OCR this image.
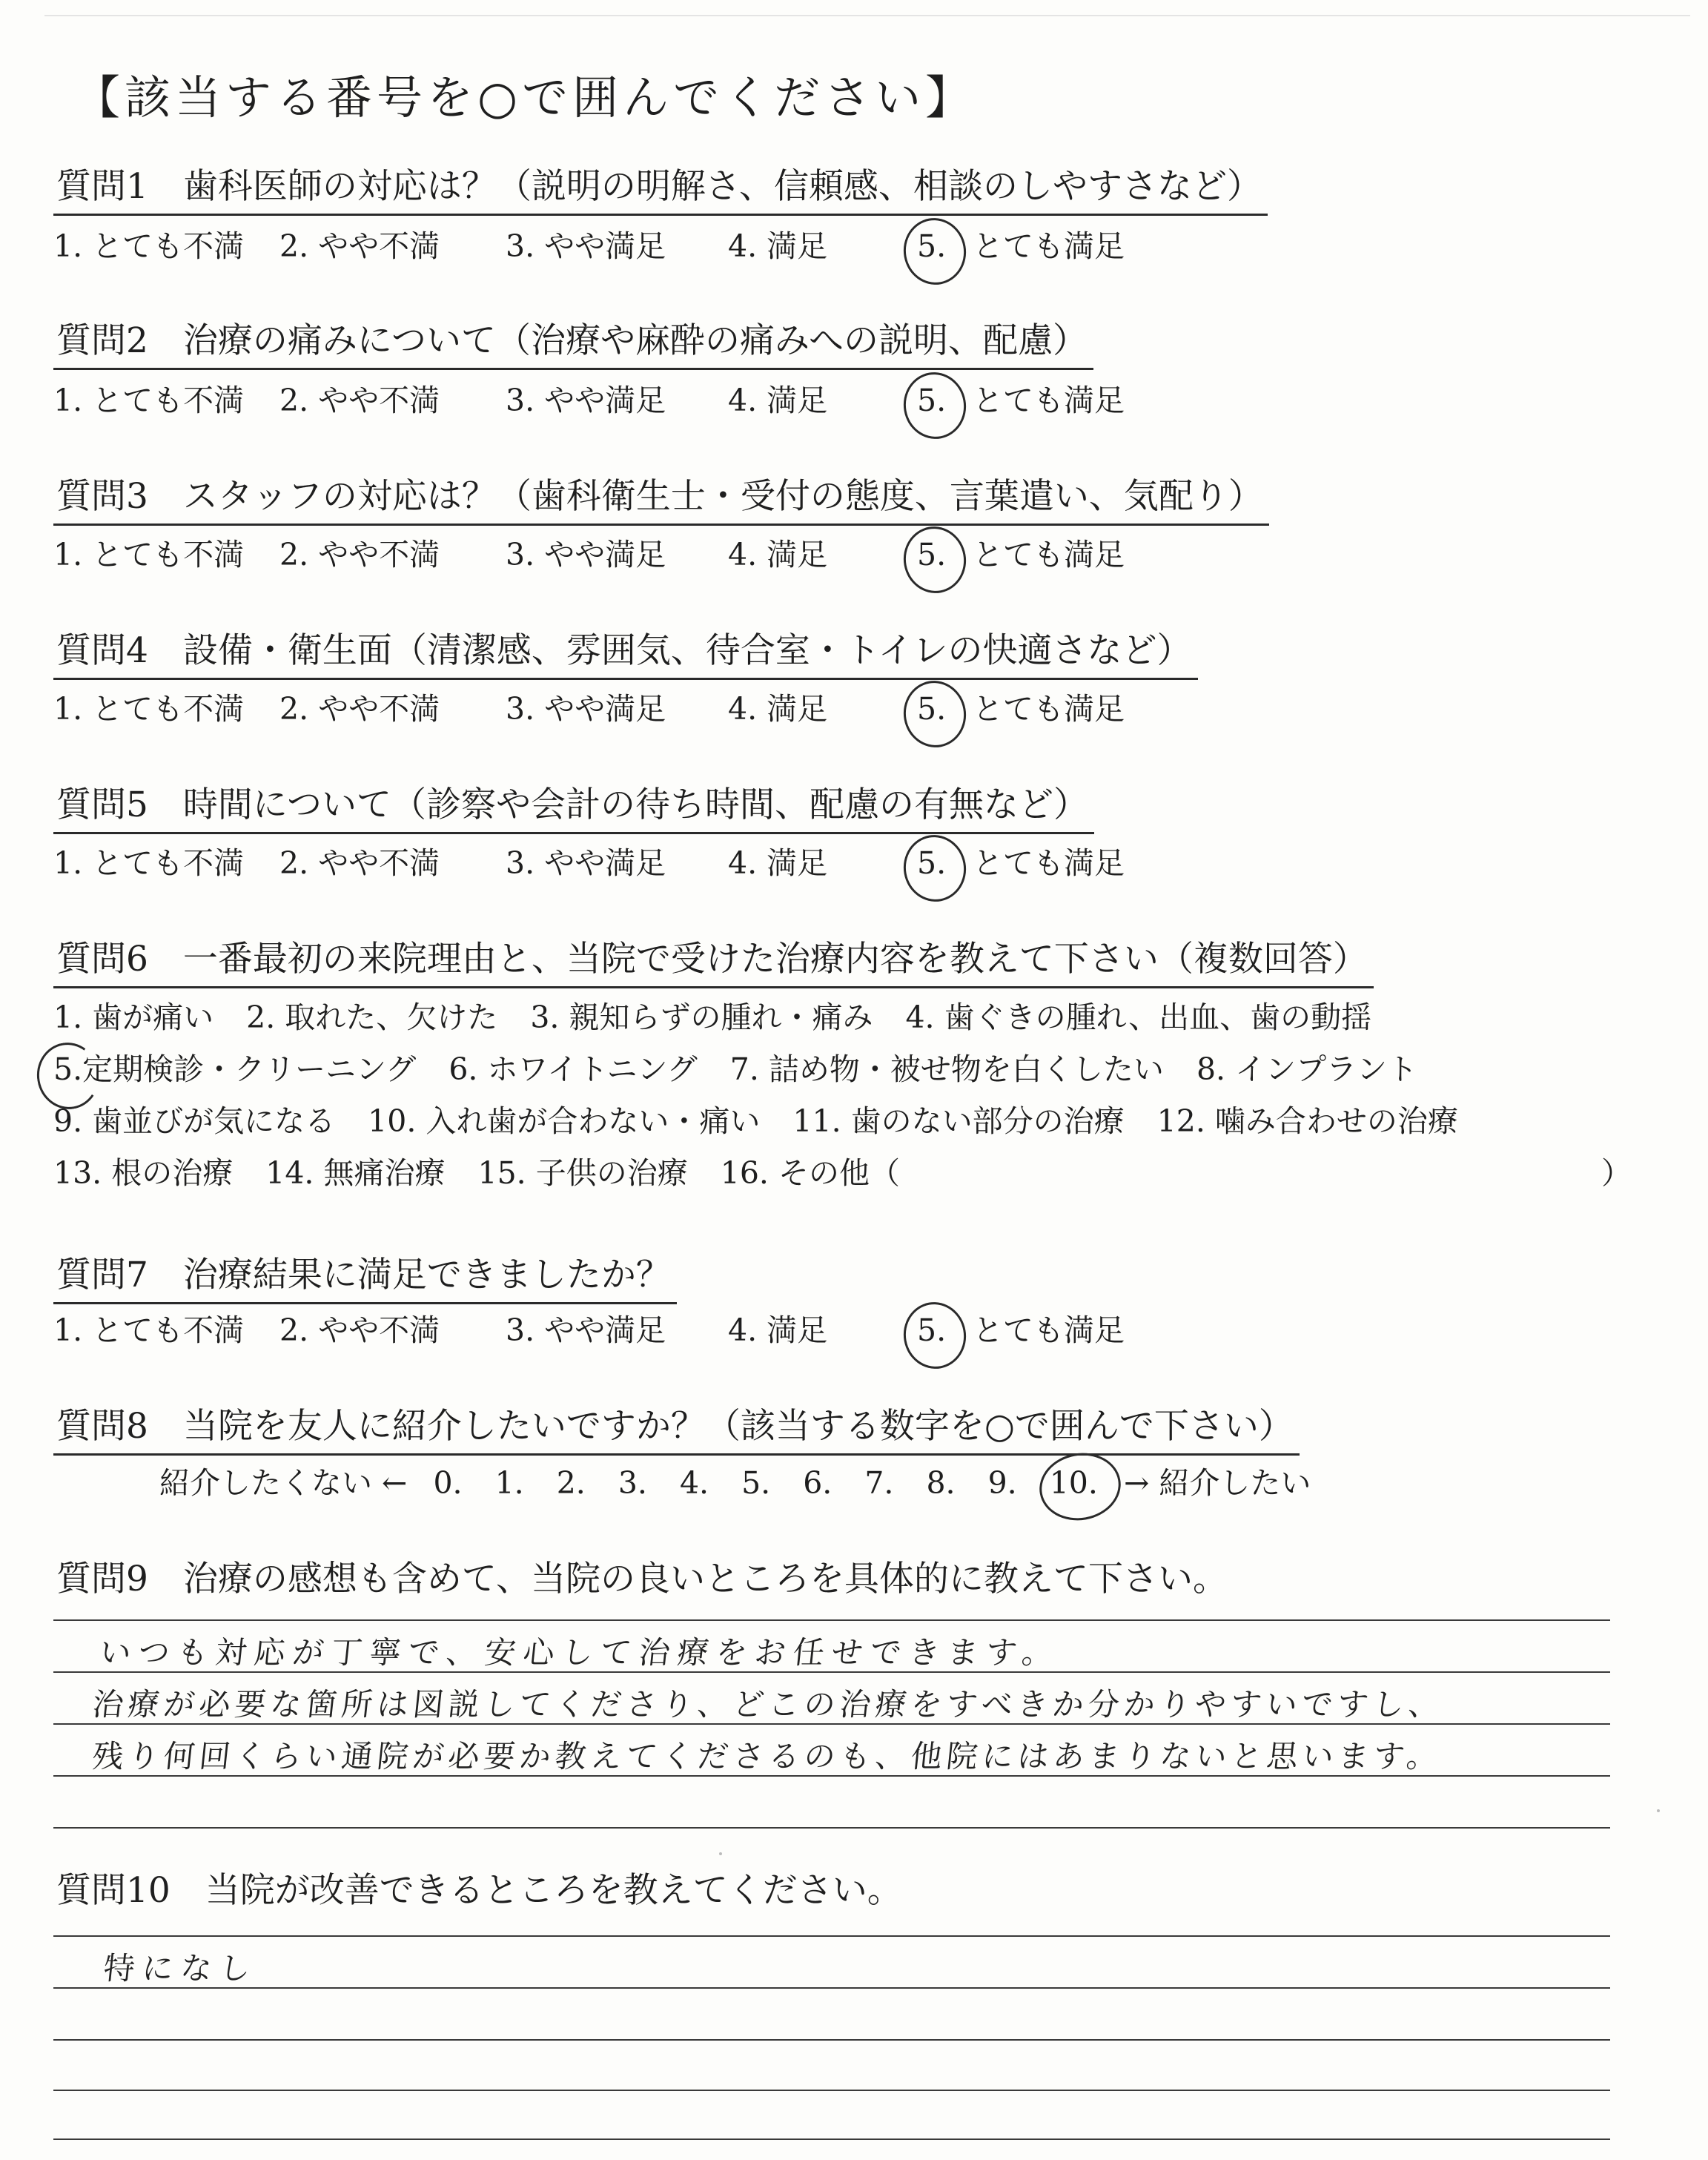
【該当する番号を○で囲んでください】
質問1　歯科医師の対応は？（説明の明解さ、信頼感、相談のしやすさなど）
1. とても不満 2. やや不満 3. やや満足 4. 満足	5. とても満足
質問2　治療の痛みについて（治療や麻酔の痛みへの説明、配慮）
1. とても不満 2. やや不満 3. やや満足 4. 満足	5. とても満足
質問3　スタッフの対応は？（歯科衛生士・受付の態度、言葉遣い、気配り）
1. とても不満 2. やや不満 3. やや満足 4. 満足	5. とても満足
質問4　設備・衛生面（清潔感、雰囲気、待合室・トイレの快適さなど）
1. とても不満 2. やや不満 3. やや満足 4. 満足	5. とても満足
質問5　時間について（診察や会計の待ち時間、配慮の有無など）
1. とても不満 2. やや不満 3. やや満足 4. 満足	5. とても満足
質問6　一番最初の来院理由と、当院で受けた治療内容を教えて下さい（複数回答）
1. 歯が痛い 2. 取れた、欠けた 3. 親知らずの腫れ・痛み 4. 歯ぐきの腫れ、出血、歯の動揺
5.定期検診・クリーニング 6. ホワイトニング 7. 詰め物・被せ物を白くしたい 8. インプラント
9. 歯並びが気になる 10. 入れ歯が合わない・痛い 11. 歯のない部分の治療 12. 噛み合わせの治療
13. 根の治療 14. 無痛治療 15. 子供の治療 16. その他（	）
質問7　治療結果に満足できましたか？
1. とても不満 2. やや不満 3. やや満足 4. 満足	5. とても満足
質問8　当院を友人に紹介したいですか？（該当する数字を○で囲んで下さい）
紹介したくない ← 0. 1. 2. 3. 4. 5. 6. 7. 8. 9. 10. → 紹介したい
質問9　治療の感想も含めて、当院の良いところを具体的に教えて下さい。
いつも対応が丁寧で、安心して治療をお任せできます。
治療が必要な箇所は図説してくださり、どこの治療をすべきか分かりやすいですし、
残り何回くらい通院が必要か教えてくださるのも、他院にはあまりないと思います。
質問10　当院が改善できるところを教えてください。
特になし
